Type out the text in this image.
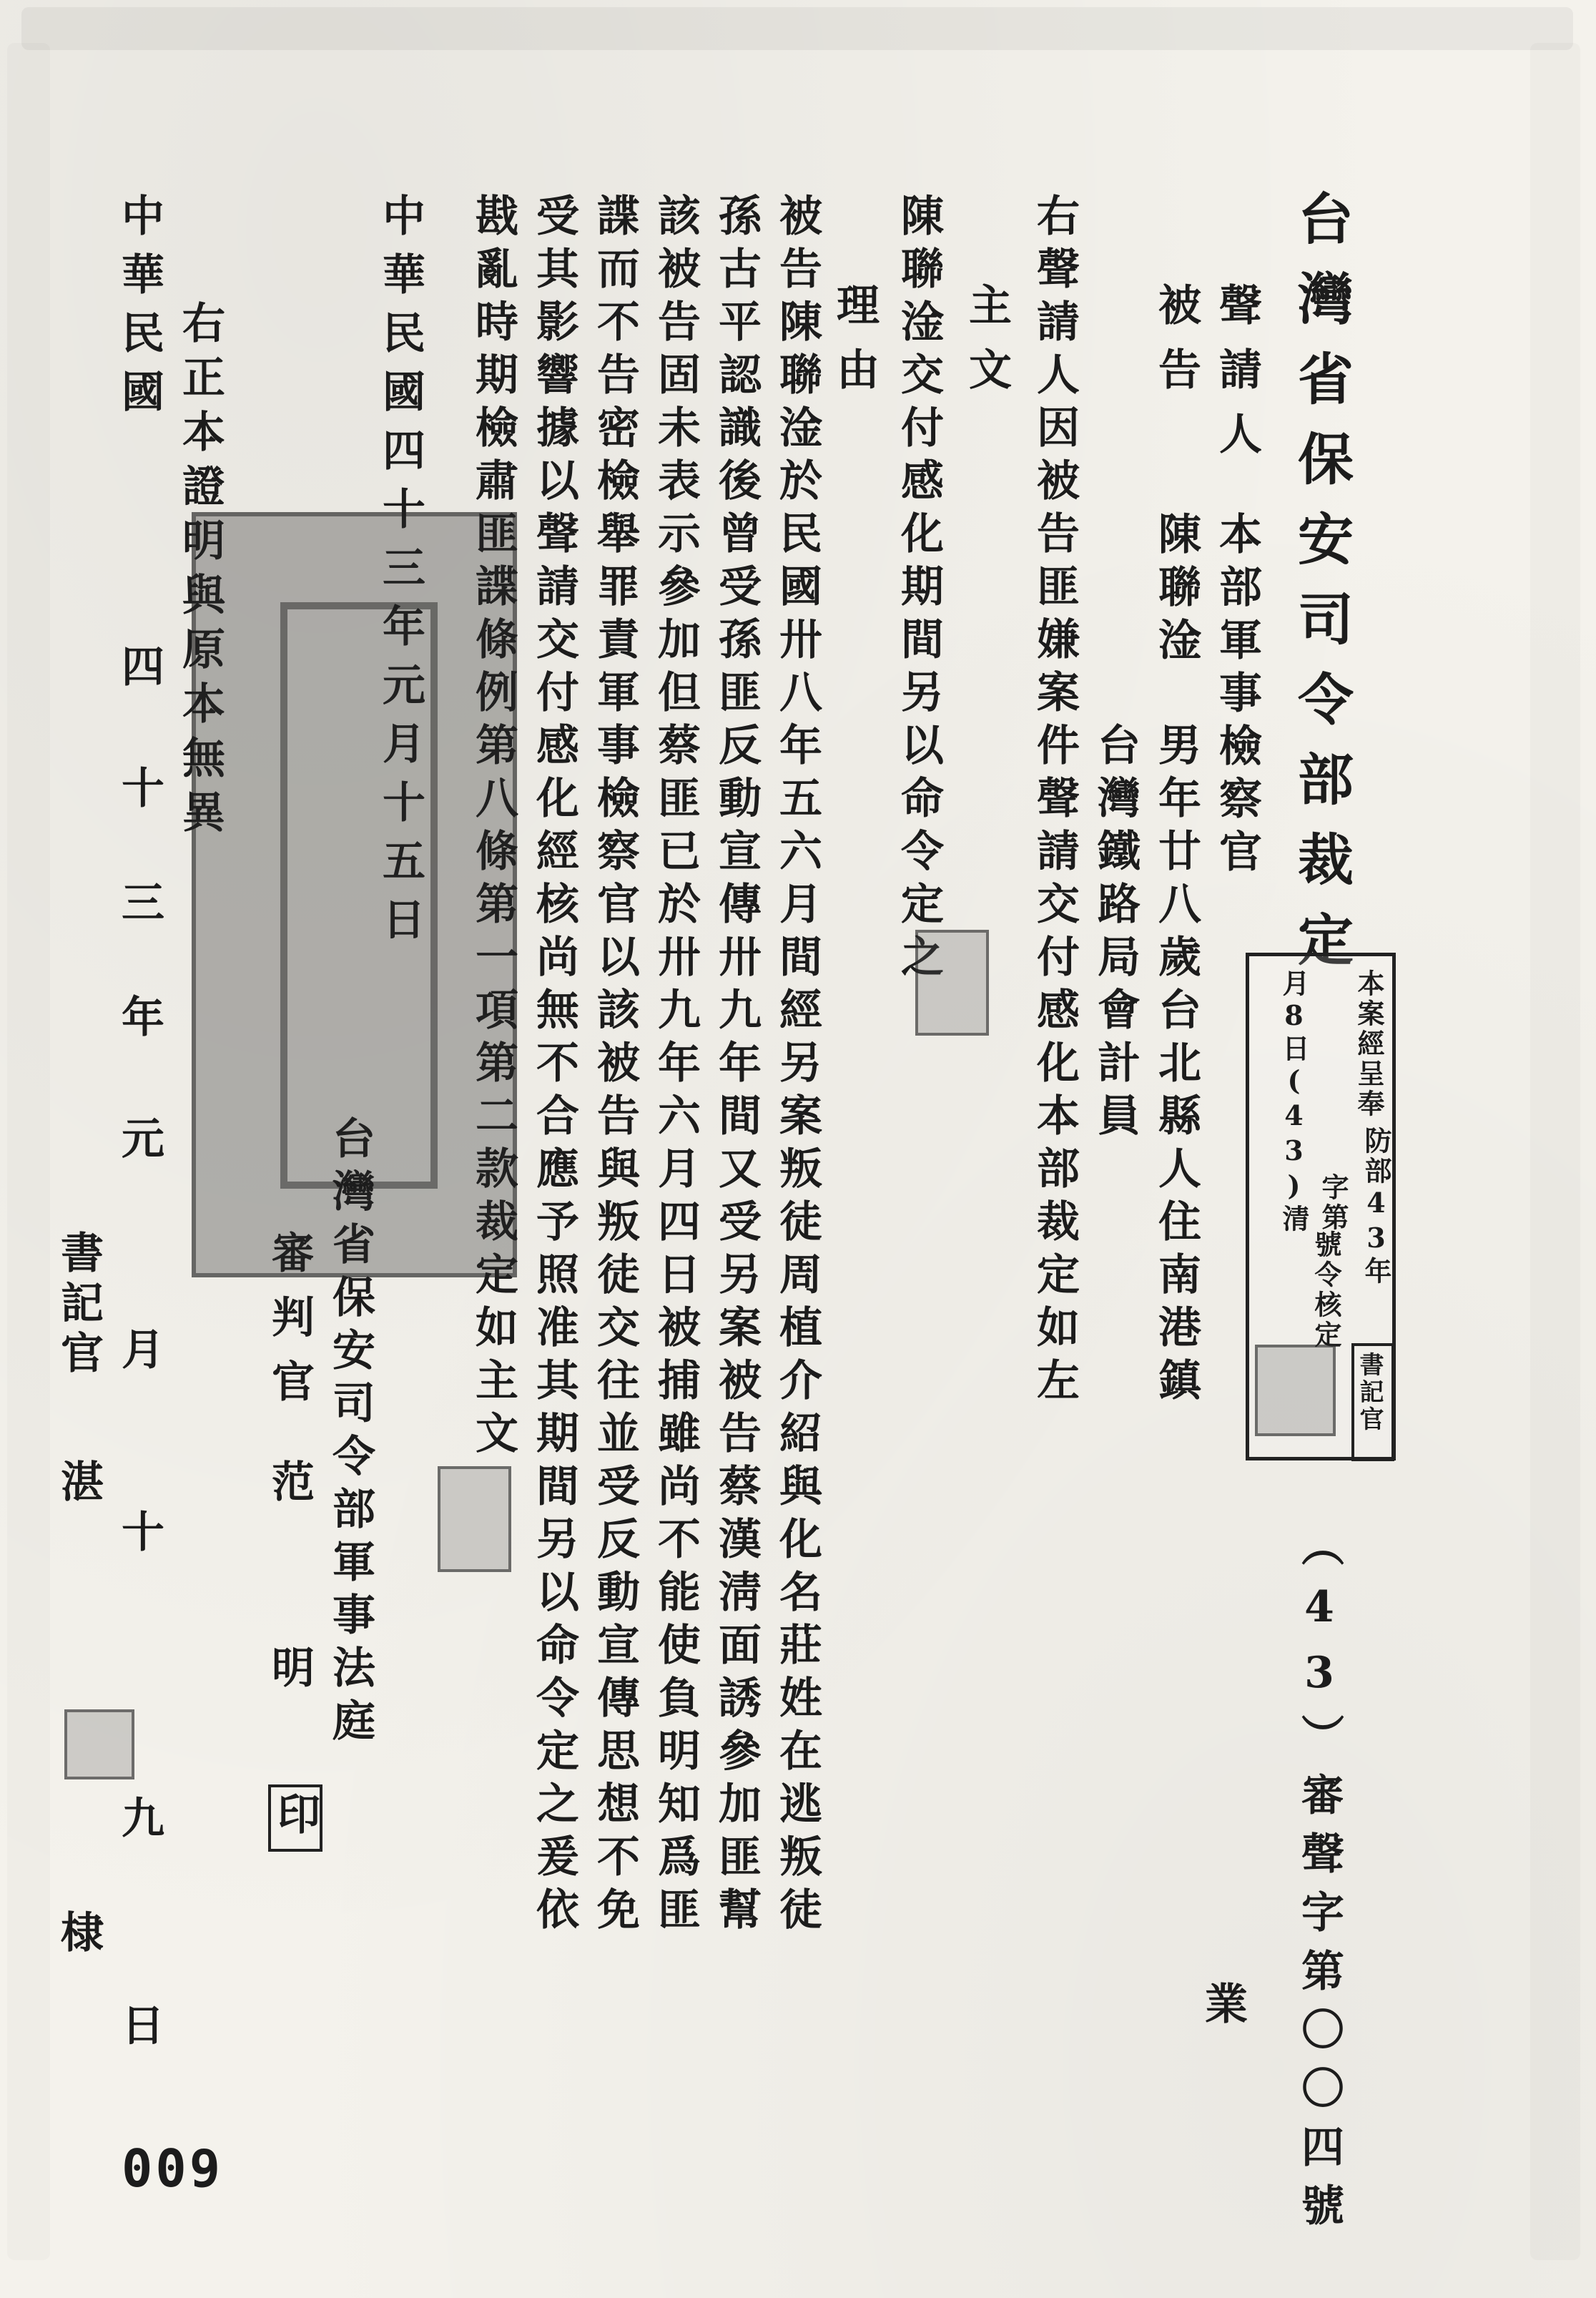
台灣省保安司令部裁定
聲請人
本部軍事檢察官
被告
陳聯淦
男年廿八歲台北縣人住南港鎮
台灣鐵路局會計員
右聲請人因被告匪嫌案件聲請交付感化本部裁定如左
主文
陳聯淦交付感化期間另以命令定之
理由
被告陳聯淦於民國卅八年五六月間經另案叛徒周植介紹與化名莊姓在逃叛徒
孫古平認識後曾受孫匪反動宣傳卅九年間又受另案被告蔡漢淸面誘參加匪幫
該被告固未表示參加但蔡匪已於卅九年六月四日被捕雖尚不能使負明知爲匪
諜而不告密檢舉罪責軍事檢察官以該被告與叛徒交往並受反動宣傳思想不免
受其影響據以聲請交付感化經核尚無不合應予照准其期間另以命令定之爰依
戡亂時期檢肅匪諜條例第八條第一項第二款裁定如主文
中華民國四十三年元月十五日
台灣省保安司令部軍事法庭
審判官
范　明
印
右正本證明與原本無異
中華民國
四
十
三
年
元
月
十
九
日
書記官
湛　　棣	（43）審聲字第〇〇四號
業
本案經呈奉
防部43年
月8日(43)清 字第
號令核定
書記官
009
